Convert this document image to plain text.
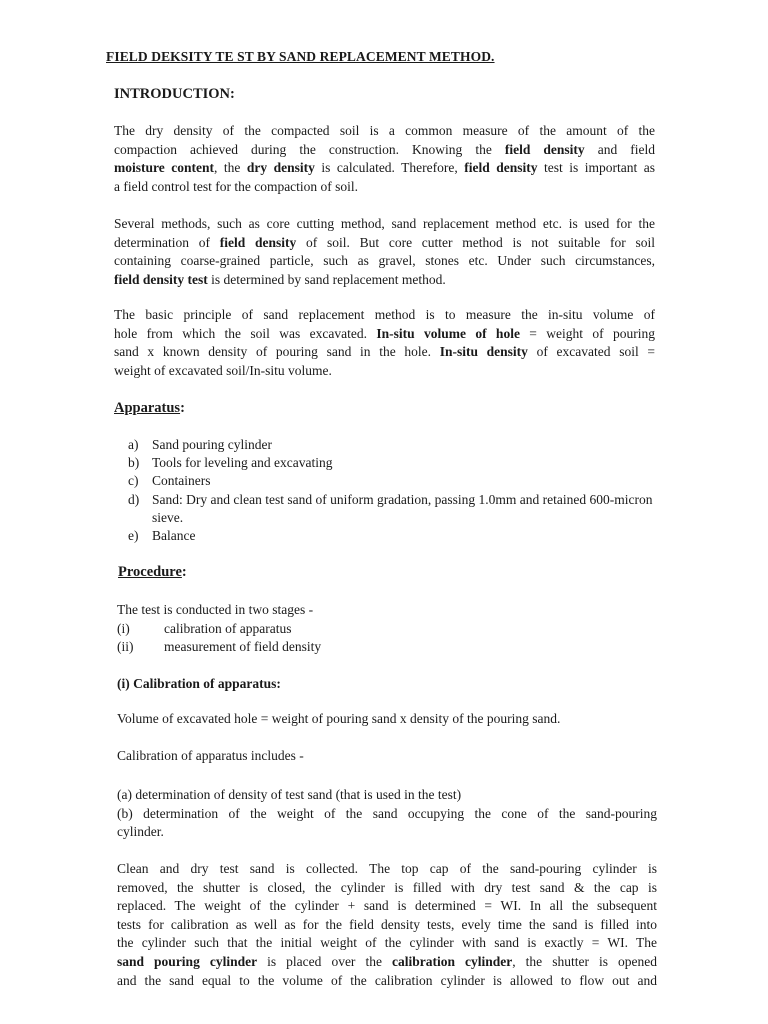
FIELD DEKSITY TE ST BY SAND REPLACEMENT METHOD.
INTRODUCTION:
The dry density of the compacted soil is a common measure of the amount of the
compaction achieved during the construction. Knowing the field density and field
moisture content, the dry density is calculated. Therefore, field density test is important as
a field control test for the compaction of soil.
Several methods, such as core cutting method, sand replacement method etc. is used for the
determination of field density of soil. But core cutter method is not suitable for soil
containing coarse-grained particle, such as gravel, stones etc. Under such circumstances,
field density test is determined by sand replacement method.
The basic principle of sand replacement method is to measure the in-situ volume of
hole from which the soil was excavated. In-situ volume of hole = weight of pouring
sand x known density of pouring sand in the hole. In-situ density of excavated soil =
weight of excavated soil/In-situ volume.
Apparatus:
a)	Sand pouring cylinder
b) Tools for leveling and excavating
c)	Containers
d) Sand: Dry and clean test sand of uniform gradation, passing 1.0mm and retained 600-micron sieve.
e)	Balance
Procedure:
The test is conducted in two stages -
(i)	calibration of apparatus
(ii)	measurement of field density
(i) Calibration of apparatus:
Volume of excavated hole = weight of pouring sand x density of the pouring sand.
Calibration of apparatus includes -
(a) determination of density of test sand (that is used in the test)
(b) determination of the weight of the sand occupying the cone of the sand-pouring
cylinder.
Clean and dry test sand is collected. The top cap of the sand-pouring cylinder is
removed, the shutter is closed, the cylinder is filled with dry test sand & the cap is
replaced. The weight of the cylinder + sand is determined = WI. In all the subsequent
tests for calibration as well as for the field density tests, evely time the sand is filled into
the cylinder such that the initial weight of the cylinder with sand is exactly = WI. The
sand pouring cylinder is placed over the calibration cylinder, the shutter is opened
and the sand equal to the volume of the calibration cylinder is allowed to flow out and
